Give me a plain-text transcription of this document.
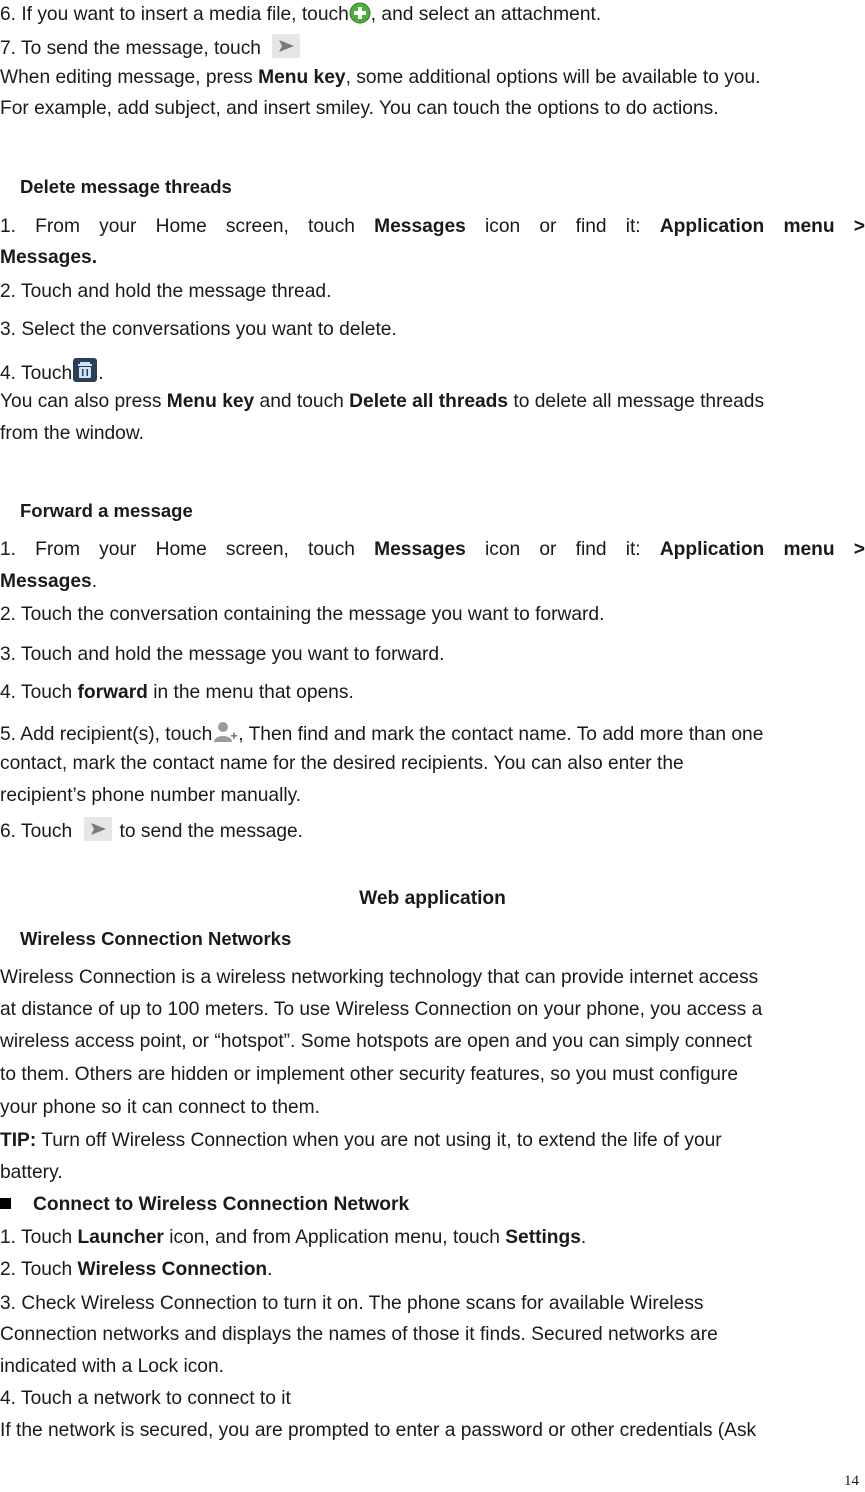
6. If you want to insert a media file, touch , and select an attachment.
7. To send the message, touch
When editing message, press Menu key, some additional options will be available to you.
For example, add subject, and insert smiley. You can touch the options to do actions.
Delete message threads
1. From your Home screen, touch Messages icon or find it: Application menu >
Messages.
2. Touch and hold the message thread.
3. Select the conversations you want to delete.
4. Touch .
You can also press Menu key and touch Delete all threads to delete all message threads
from the window.
Forward a message
1. From your Home screen, touch Messages icon or find it: Application menu >
Messages.
2. Touch the conversation containing the message you want to forward.
3. Touch and hold the message you want to forward.
4. Touch forward in the menu that opens.
5. Add recipient(s), touch , Then find and mark the contact name. To add more than one
contact, mark the contact name for the desired recipients. You can also enter the
recipient’s phone number manually.
6. Touch to send the message.
Web application
Wireless Connection Networks
Wireless Connection is a wireless networking technology that can provide internet access
at distance of up to 100 meters. To use Wireless Connection on your phone, you access a
wireless access point, or “hotspot”. Some hotspots are open and you can simply connect
to them. Others are hidden or implement other security features, so you must configure
your phone so it can connect to them.
TIP: Turn off Wireless Connection when you are not using it, to extend the life of your
battery.
Connect to Wireless Connection Network
1. Touch Launcher icon, and from Application menu, touch Settings.
2. Touch Wireless Connection.
3. Check Wireless Connection to turn it on. The phone scans for available Wireless
Connection networks and displays the names of those it finds. Secured networks are
indicated with a Lock icon.
4. Touch a network to connect to it
If the network is secured, you are prompted to enter a password or other credentials (Ask
14
